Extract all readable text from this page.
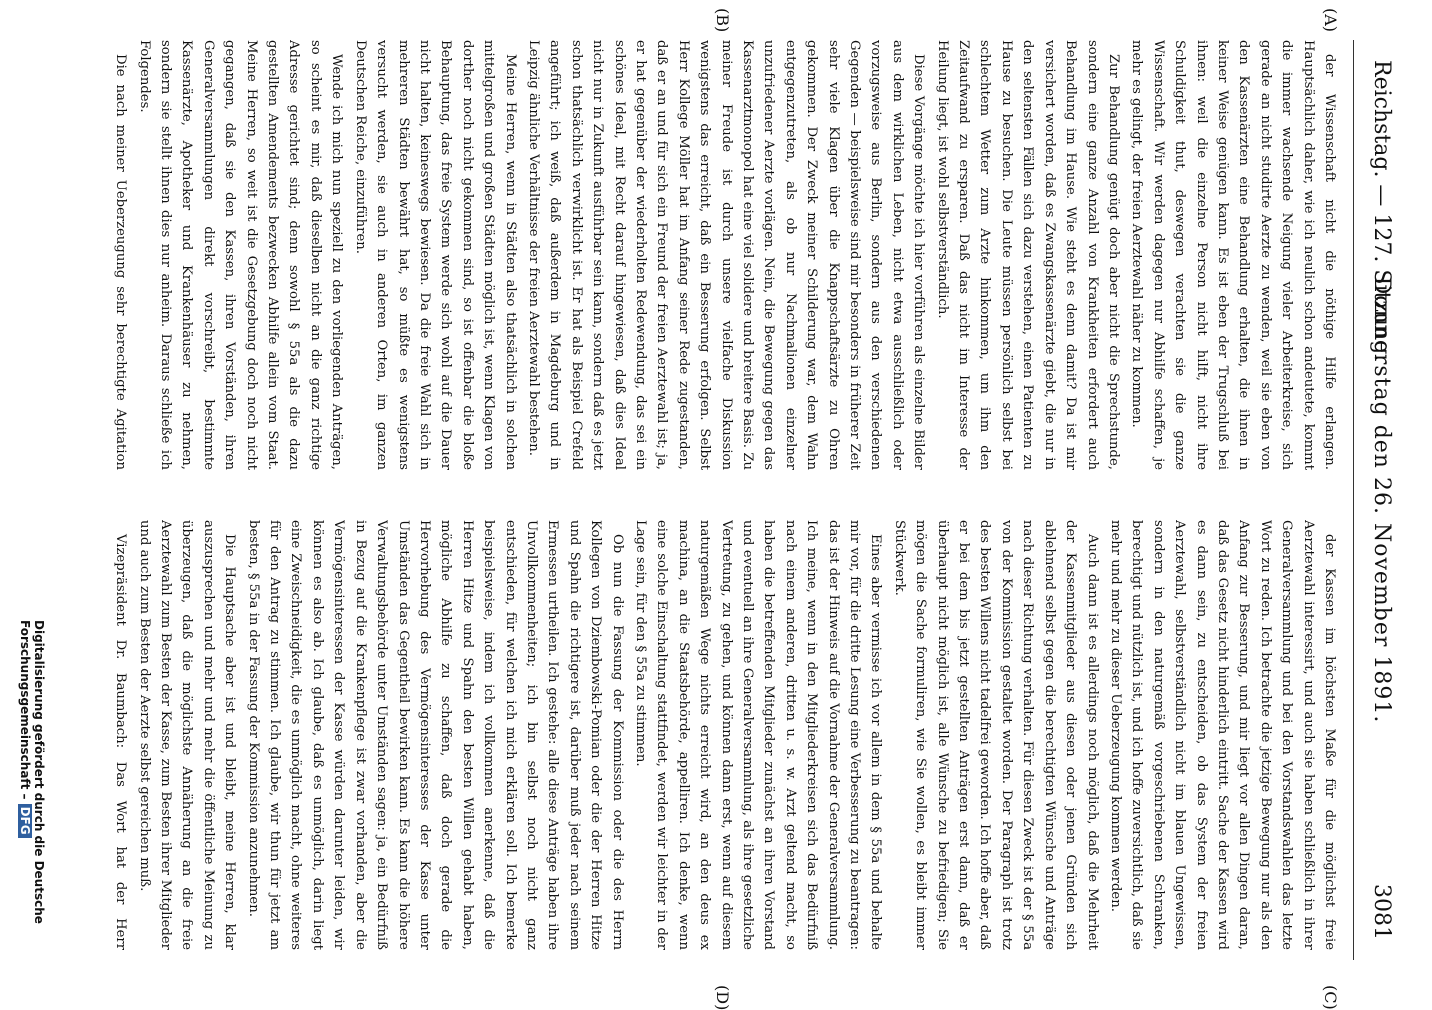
Reichstag. — 127. Sitzung.
Donnerstag den 26. November 1891.
3081
(A)
(B)
(C)
(D)

der Wissenschaft nicht die nöthige Hilfe erlangen. Hauptsächlich daher, wie ich neulich schon andeutete, kommt die immer wachsende Neigung vieler Arbeiterkreise, sich gerade an nicht studirte Aerzte zu wenden, weil sie eben von den Kassenärzten eine Behandlung erhalten, die ihnen in keiner Weise genügen kann. Es ist eben der Trugschluß bei ihnen: weil die einzelne Person nicht hilft, nicht ihre Schuldigkeit thut, deswegen verachten sie die ganze Wissenschaft. Wir werden dagegen nur Abhilfe schaffen, je mehr es gelingt, der freien Aerztewahl näher zu kommen.

Zur Behandlung genügt doch aber nicht die Sprechstunde, sondern eine ganze Anzahl von Krankheiten erfordert auch Behandlung im Hause. Wie steht es denn damit? Da ist mir versichert worden, daß es Zwangskassenärzte giebt, die nur in den seltensten Fällen sich dazu verstehen, einen Patienten zu Hause zu besuchen. Die Leute müssen persönlich selbst bei schlechtem Wetter zum Arzte hinkommen, um ihm den Zeitaufwand zu ersparen. Daß das nicht im Interesse der Heilung liegt, ist wohl selbstverständlich.

Diese Vorgänge möchte ich hier vorführen als einzelne Bilder aus dem wirklichen Leben, nicht etwa ausschließlich oder vorzugsweise aus Berlin, sondern aus den verschiedenen Gegenden — beispielsweise sind mir besonders in früherer Zeit sehr viele Klagen über die Knappschaftsärzte zu Ohren gekommen. Der Zweck meiner Schilderung war, dem Wahn entgegenzutreten, als ob nur Nachmalionen einzelner unzufriedener Aerzte vorlägen. Nein, die Bewegung gegen das Kassenarztmonopol hat eine viel solidere und breitere Basis. Zu meiner Freude ist durch unsere vielfache Diskussion wenigstens das erreicht, daß ein Besserung erfolgen. Selbst Herr Kollege Möller hat im Anfang seiner Rede zugestanden, daß er an und für sich ein Freund der freien Aerztewahl ist; ja, er hat gegenüber der wiederholten Redewendung, das sei ein schönes Ideal, mit Recht darauf hingewiesen, daß dies Ideal nicht nur in Zukunft ausführbar sein kann, sondern daß es jetzt schon thatsächlich verwirklicht ist. Er hat als Beispiel Crefeld angeführt; ich weiß, daß außerdem in Magdeburg und in Leipzig ähnliche Verhältnisse der freien Aerztewahl bestehen.

Meine Herren, wenn in Städten also thatsächlich in solchen mittelgroßen und großen Städten möglich ist, wenn Klagen von dorther noch nicht gekommen sind, so ist offenbar die bloße Behauptung, das freie System werde sich wohl auf die Dauer nicht halten, keineswegs bewiesen. Da die freie Wahl sich in mehreren Städten bewährt hat, so müßte es wenigstens versucht werden, sie auch in anderen Orten, im ganzen Deutschen Reiche, einzuführen.

Wende ich mich nun speziell zu den vorliegenden Anträgen, so scheint es mir, daß dieselben nicht an die ganz richtige Adresse gerichtet sind; denn sowohl § 55a als die dazu gestellten Amendements bezwecken Abhilfe allein vom Staat. Meine Herren, so weit ist die Gesetzgebung doch noch nicht gegangen, daß sie den Kassen, ihren Vorständen, ihren Generalversammlungen direkt vorschreibt, bestimmte Kassenärzte, Apotheker und Krankenhäuser zu nehmen, sondern sie stellt ihnen dies nur anheim. Daraus schließe ich Folgendes.

Die nach meiner Ueberzeugung sehr berechtigte Agitation

der Kassen im höchsten Maße für die möglichst freie Aerztewahl interessirt, und auch sie haben schließlich in ihrer Generalversammlung und bei den Vorstandswahlen das letzte Wort zu reden. Ich betrachte die jetzige Bewegung nur als den Anfang zur Besserung, und mir liegt vor allen Dingen daran, daß das Gesetz nicht hinderlich eintritt. Sache der Kassen wird es dann sein, zu entscheiden, ob das System der freien Aerztewahl, selbstverständlich nicht im blauen Ungewissen, sondern in den naturgemäß vorgeschriebenen Schranken, berechtigt und nützlich ist, und ich hoffe zuversichtlich, daß sie mehr und mehr zu dieser Ueberzeugung kommen werden.

Auch dann ist es allerdings noch möglich, daß die Mehrheit der Kassenmitglieder aus diesen oder jenen Gründen sich ablehnend selbst gegen die berechtigten Wünsche und Anträge nach dieser Richtung verhalten. Für diesen Zweck ist der § 55a von der Kommission gestaltet worden. Der Paragraph ist trotz des besten Willens nicht tadelfrei geworden. Ich hoffe aber, daß er bei dem bis jetzt gestellten Anträgen erst dann, daß er überhaupt nicht möglich ist, alle Wünsche zu befriedigen; Sie mögen die Sache formuliren, wie Sie wollen, es bleibt immer Stückwerk.

Eines aber vermisse ich vor allem in dem § 55a und behalte mir vor, für die dritte Lesung eine Verbesserung zu beantragen: das ist der Hinweis auf die Vornahme der Generalversammlung. Ich meine, wenn in den Mitgliederkreisen sich das Bedürfniß nach einem anderen, dritten u. s. w. Arzt geltend macht, so haben die betreffenden Mitglieder zunächst an ihren Vorstand und eventuell an ihre Generalversammlung, als ihre gesetzliche Vertretung, zu gehen, und können dann erst, wenn auf diesem naturgemäßen Wege nichts erreicht wird, an den deus ex machina, an die Staatsbehörde, appelliren. Ich denke, wenn eine solche Einschaltung stattfindet, werden wir leichter in der Lage sein, für den § 55a zu stimmen.

Ob nun die Fassung der Kommission oder die des Herrn Kollegen von Dziembowski-Pomian oder die der Herren Hitze und Spahn die richtigere ist, darüber muß jeder nach seinem Ermessen urtheilen. Ich gestehe: alle diese Anträge haben ihre Unvollkommenheiten; ich bin selbst noch nicht ganz entschieden, für welchen ich mich erklären soll. Ich bemerke beispielsweise, indem ich vollkommen anerkenne, daß die Herren Hitze und Spahn den besten Willen gehabt haben, mögliche Abhilfe zu schaffen, daß doch gerade die Hervorhebung des Vermögensinteresses der Kasse unter Umständen das Gegentheil bewirken kann. Es kann die höhere Verwaltungsbehörde unter Umständen sagen: ja, ein Bedürfniß in Bezug auf die Krankenpflege ist zwar vorhanden, aber die Vermögensinteressen der Kasse würden darunter leiden, wir können es also ab. Ich glaube, daß es unmöglich, darin liegt eine Zweischneidigkeit, die es unmöglich macht, ohne weiteres für den Antrag zu stimmen. Ich glaube, wir thun für jetzt am besten, § 55a in der Fassung der Kommission anzunehmen.

Die Hauptsache aber ist und bleibt, meine Herren, klar auszusprechen und mehr und mehr die öffentliche Meinung zu überzeugen, daß die möglichste Annäherung an die freie Aerztewahl zum Besten der Kasse, zum Besten ihrer Mitglieder und auch zum Besten der Aerzte selbst gereichen muß.

Vizepräsident Dr. Baumbach: Das Wort hat der Herr

Digitalisierung gefördert durch die Deutsche Forschungsgemeinschaft –DFG
